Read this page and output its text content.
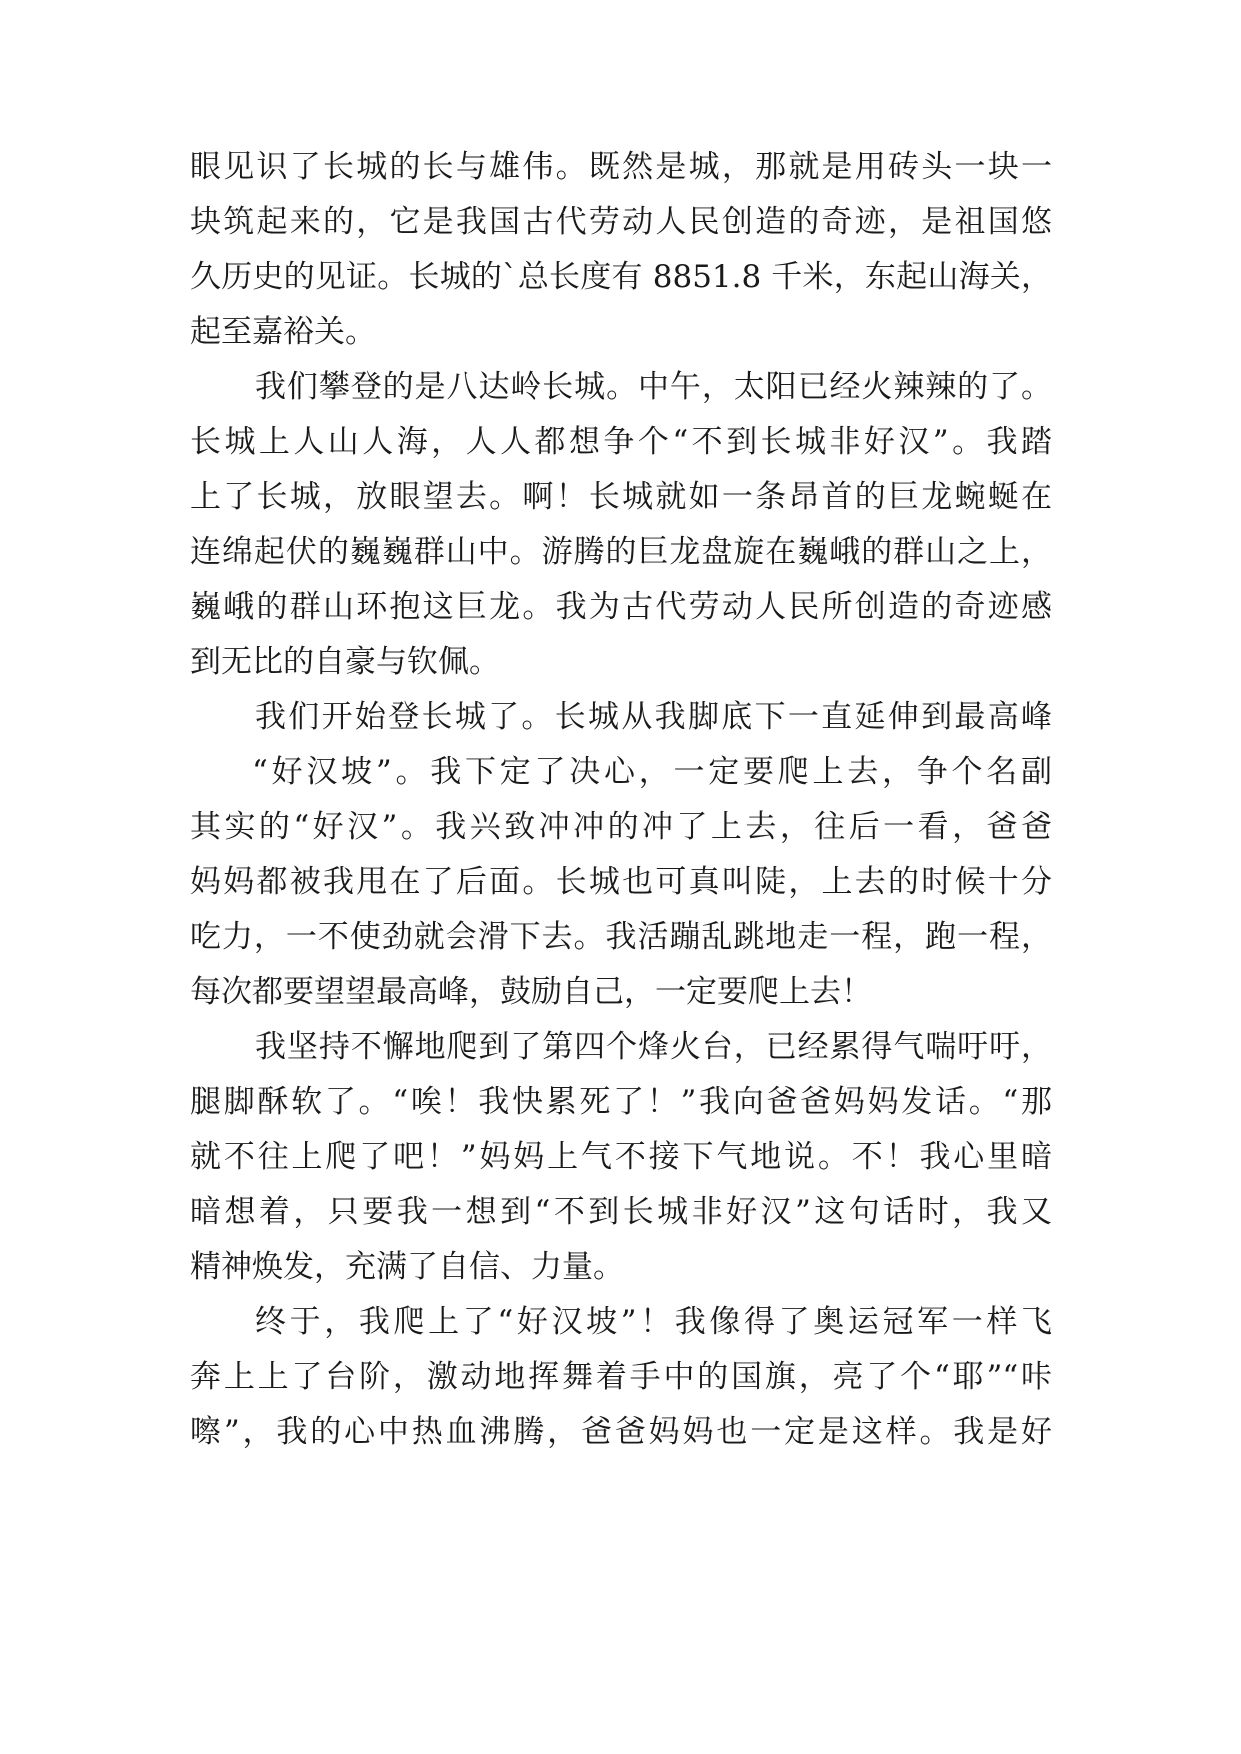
眼见识了长城的长与雄伟。既然是城，那就是用砖头一块一
块筑起来的，它是我国古代劳动人民创造的奇迹，是祖国悠
久历史的见证。长城的`总长度有 8851.8 千米，东起山海关，
起至嘉裕关。
我们攀登的是八达岭长城。中午，太阳已经火辣辣的了。
长城上人山人海，人人都想争个“不到长城非好汉”。我踏
上了长城，放眼望去。啊！长城就如一条昂首的巨龙蜿蜒在
连绵起伏的巍巍群山中。游腾的巨龙盘旋在巍峨的群山之上，
巍峨的群山环抱这巨龙。我为古代劳动人民所创造的奇迹感
到无比的自豪与钦佩。
我们开始登长城了。长城从我脚底下一直延伸到最高峰
“好汉坡”。我下定了决心，一定要爬上去，争个名副
其实的“好汉”。我兴致冲冲的冲了上去，往后一看，爸爸
妈妈都被我甩在了后面。长城也可真叫陡，上去的时候十分
吃力，一不使劲就会滑下去。我活蹦乱跳地走一程，跑一程，
每次都要望望最高峰，鼓励自己，一定要爬上去！
我坚持不懈地爬到了第四个烽火台，已经累得气喘吁吁，
腿脚酥软了。“唉！我快累死了！”我向爸爸妈妈发话。“那
就不往上爬了吧！”妈妈上气不接下气地说。不！我心里暗
暗想着，只要我一想到“不到长城非好汉”这句话时，我又
精神焕发，充满了自信、力量。
终于，我爬上了“好汉坡”！我像得了奥运冠军一样飞
奔上上了台阶，激动地挥舞着手中的国旗，亮了个“耶”“咔
嚓”，我的心中热血沸腾，爸爸妈妈也一定是这样。我是好
